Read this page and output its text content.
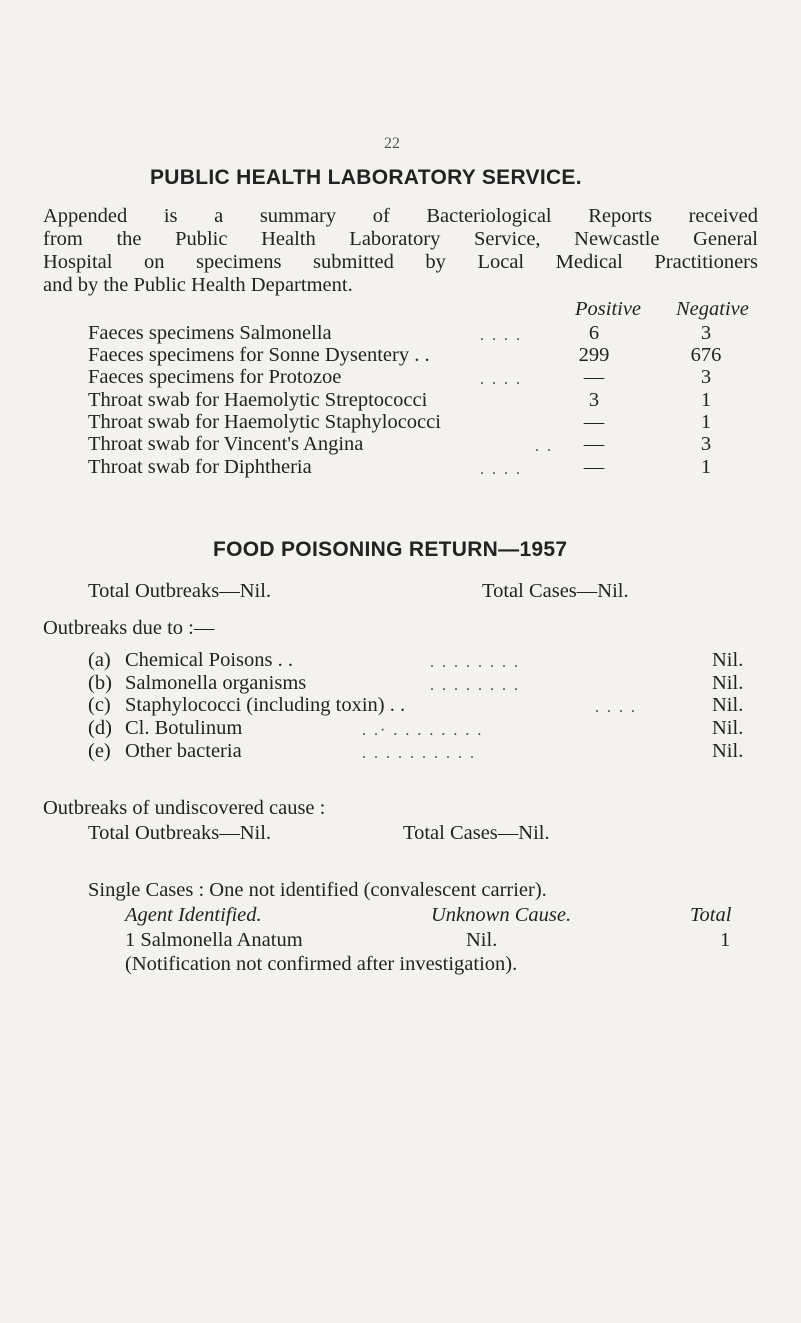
22
PUBLIC HEALTH LABORATORY SERVICE.
Appended is a summary of Bacteriological Reports received
from the Public Health Laboratory Service, Newcastle General
Hospital on specimens submitted by Local Medical Practitioners
and by the Public Health Department.
Positive Negative
Faeces specimens Salmonella	. . . .	6	3
Faeces specimens for Sonne Dysentery . .	299	676
Faeces specimens for Protozoe	. . . .	—	3
Throat swab for Haemolytic Streptococci	3	1
Throat swab for Haemolytic Staphylococci	—	1
Throat swab for Vincent's Angina	. .	—	3
Throat swab for Diphtheria	. . . .	—	1
FOOD POISONING RETURN—1957
Total Outbreaks—Nil.	Total Cases—Nil.
Outbreaks due to :—
(a) Chemical Poisons . .	. . . . . . . .	Nil.
(b) Salmonella organisms	. . . . . . . .	Nil.
(c) Staphylococci (including toxin) . .	. . . .	Nil.
(d) Cl. Botulinum	. .· . . . . . . . .	Nil.
(e) Other bacteria	. . . . . . . . . .	Nil.
Outbreaks of undiscovered cause :
Total Outbreaks—Nil.	Total Cases—Nil.
Single Cases : One not identified (convalescent carrier).
Agent Identified.	Unknown Cause.	Total
1 Salmonella Anatum	Nil.	1
(Notification not confirmed after investigation).
